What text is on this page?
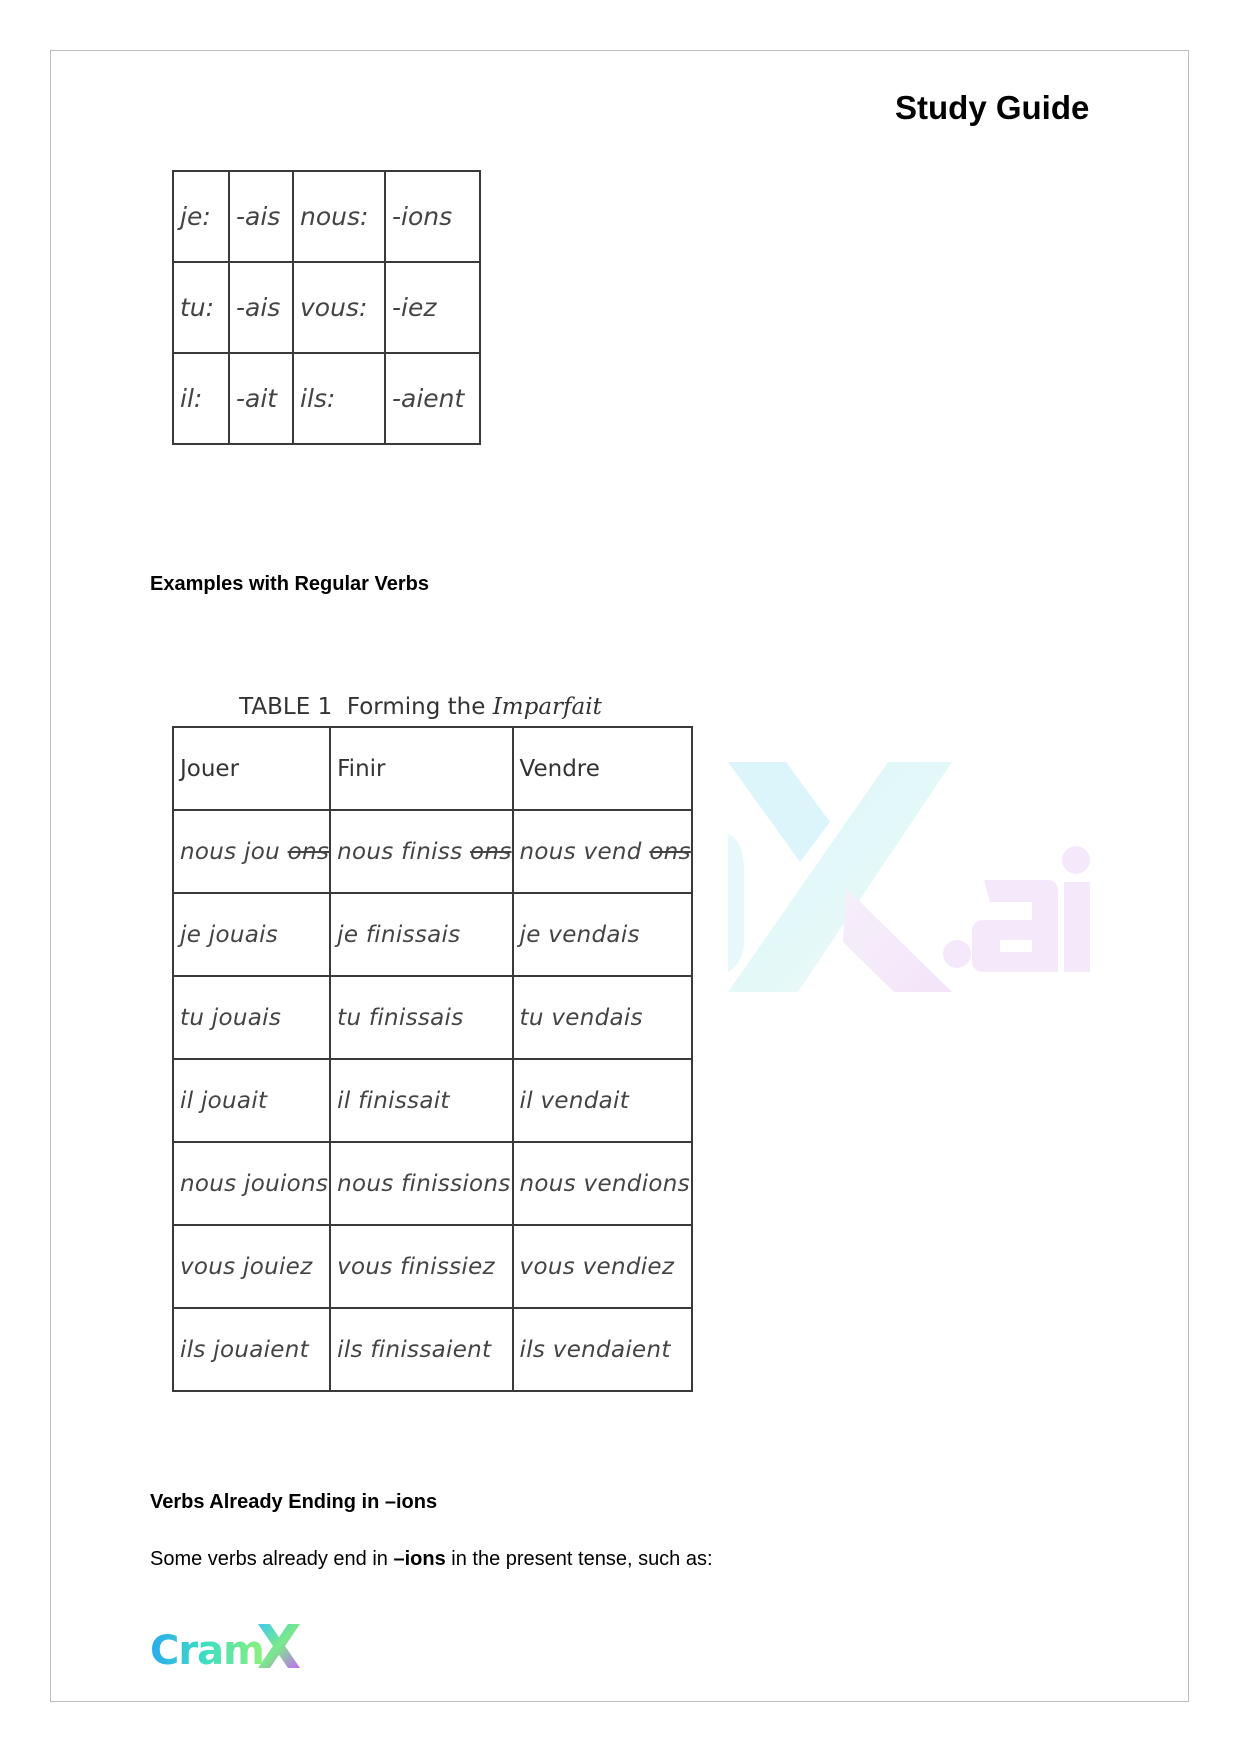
Study Guide
je:	-ais	nous:	-ions
tu:	-ais	vous:	-iez
il:	-ait	ils:	-aient
Examples with Regular Verbs
TABLE 1  Forming the Imparfait
Jouer	Finir	Vendre
nous jou ons	nous finiss ons	nous vend ons
je jouais	je finissais	je vendais
tu jouais	tu finissais	tu vendais
il jouait	il finissait	il vendait
nous jouions	nous finissions	nous vendions
vous jouiez	vous finissiez	vous vendiez
ils jouaient	ils finissaient	ils vendaient
Verbs Already Ending in –ions
Some verbs already end in –ions in the present tense, such as:
Cram
